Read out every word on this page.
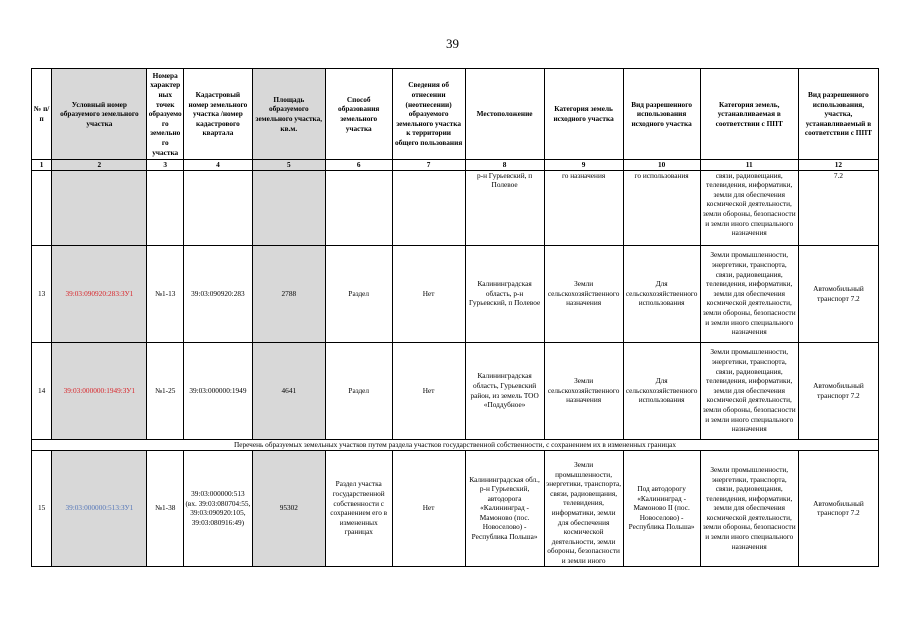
39
№ п/п	Условный номер образуемого земельного участка	Номера характерных точек образуемого земельного участка	Кадастровый номер земельного участка /номер кадастрового квартала	Площадь образуемого земельного участка, кв.м.	Способ образования земельного участка	Сведения об отнесении (неотнесении) образуемого земельного участка к территории общего пользования	Местоположение	Категория земель исходного участка	Вид разрешенного использования исходного участка	Категория земель, устанавливаемая в соответствии с ППТ	Вид разрешенного использования, участка, устанавливаемый в соответствии с ППТ
1	2	3	4	5	6	7	8	9	10	11	12
							р-н Гурьевский, п Полевое	го назначения	го использования	связи, радиовещания, телевидения, информатики, земли для обеспечения космической деятельности, земли обороны, безопасности и земли иного специального назначения	7.2
13	39:03:090920:283:ЗУ1	№1-13	39:03:090920:283	2788	Раздел	Нет	Калининградская область, р-н Гурьевский, п Полевое	Земли сельскохозяйственного назначения	Для сельскохозяйственного использования	Земли промышленности, энергетики, транспорта, связи, радиовещания, телевидения, информатики, земли для обеспечения космической деятельности, земли обороны, безопасности и земли иного специального назначения	Автомобильный транспорт 7.2
14	39:03:000000:1949:ЗУ1	№1-25	39:03:000000:1949	4641	Раздел	Нет	Калининградская область, Гурьевский район, из земель ТОО «Поддубное»	Земли сельскохозяйственного назначения	Для сельскохозяйственного использования	Земли промышленности, энергетики, транспорта, связи, радиовещания, телевидения, информатики, земли для обеспечения космической деятельности, земли обороны, безопасности и земли иного специального назначения	Автомобильный транспорт 7.2
Перечень образуемых земельных участков путем раздела участков государственной собственности, с сохранением их в измененных границах											
15	39:03:000000:513:ЗУ1	№1-38	39:03:000000:513 (вх. 39:03:080704:55, 39:03:090920:105, 39:03:080916:49)	95302	Раздел участка государственной собственности с сохранением его в измененных границах	Нет	Калининградская обл., р-н Гурьевский, автодорога «Калининград - Мамоново (пос. Новоселово) - Республика Польша»	Земли промышленности, энергетики, транспорта, связи, радиовещания, телевидения, информатики, земли для обеспечения космической деятельности, земли обороны, безопасности и земли иного	Под автодорогу «Калининград - Мамоново II (пос. Новоселово) - Республика Польша»	Земли промышленности, энергетики, транспорта, связи, радиовещания, телевидения, информатики, земли для обеспечения космической деятельности, земли обороны, безопасности и земли иного специального назначения	Автомобильный транспорт 7.2
